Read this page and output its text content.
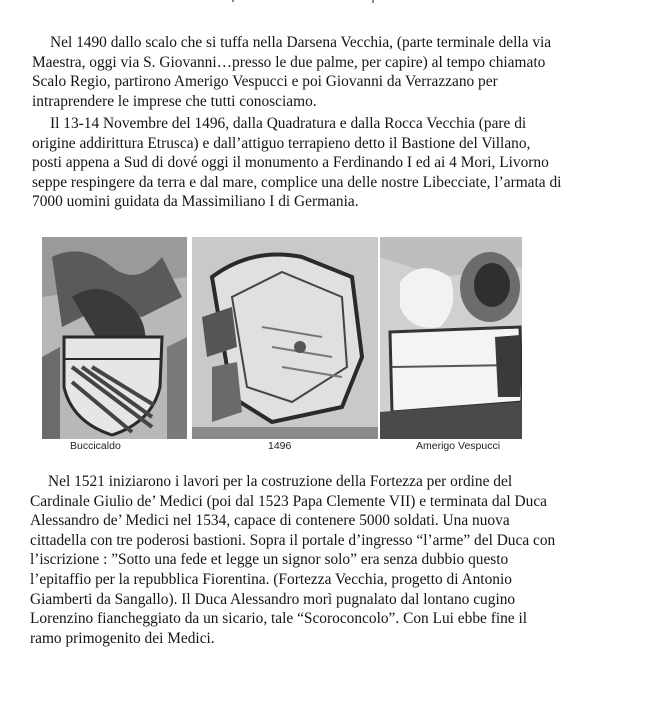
Nel 1490 dallo scalo che si tuffa nella Darsena Vecchia, (parte terminale della via
Maestra, oggi via S. Giovanni…presso le due palme, per capire) al tempo chiamato
Scalo Regio, partirono Amerigo Vespucci e poi Giovanni da Verrazzano per
intraprendere le imprese che tutti conosciamo.
Il 13-14 Novembre del 1496, dalla Quadratura e dalla Rocca Vecchia (pare di
origine addirittura Etrusca) e dall’attiguo terrapieno detto il Bastione del Villano,
posti appena a Sud di dové oggi il monumento a Ferdinando I ed ai 4 Mori, Livorno
seppe respingere da terra e dal mare, complice una delle nostre Libecciate, l’armata di
7000 uomini guidata da Massimiliano I di Germania.
Buccicaldo	1496	Amerigo Vespucci
Nel 1521 iniziarono i lavori per la costruzione della Fortezza per ordine del
Cardinale Giulio de’ Medici (poi dal 1523 Papa Clemente VII) e terminata dal Duca
Alessandro de’ Medici nel 1534, capace di contenere 5000 soldati. Una nuova
cittadella con tre poderosi bastioni. Sopra il portale d’ingresso “l’arme” del Duca con
l’iscrizione : ”Sotto una fede et legge un signor solo” era senza dubbio questo
l’epitaffio per la repubblica Fiorentina. (Fortezza Vecchia, progetto di Antonio
Giamberti da Sangallo). Il Duca Alessandro morì pugnalato dal lontano cugino
Lorenzino fiancheggiato da un sicario, tale “Scoroconcolo”. Con Lui ebbe fine il
ramo primogenito dei Medici.
